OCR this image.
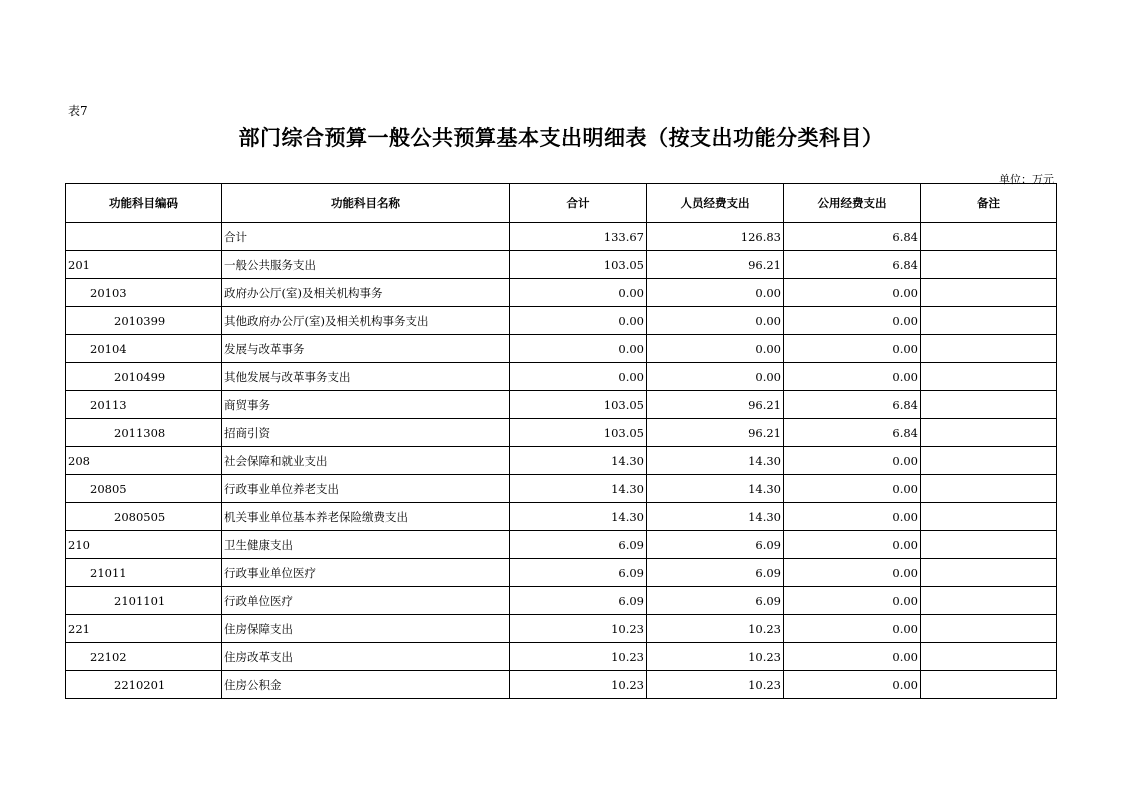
表7
部门综合预算一般公共预算基本支出明细表（按支出功能分类科目）
单位：万元
功能科目编码	功能科目名称	合计	人员经费支出	公用经费支出	备注
	合计	133.67	126.83	6.84	
201	一般公共服务支出	103.05	96.21	6.84	
20103	政府办公厅(室)及相关机构事务	0.00	0.00	0.00	
2010399	其他政府办公厅(室)及相关机构事务支出	0.00	0.00	0.00	
20104	发展与改革事务	0.00	0.00	0.00	
2010499	其他发展与改革事务支出	0.00	0.00	0.00	
20113	商贸事务	103.05	96.21	6.84	
2011308	招商引资	103.05	96.21	6.84	
208	社会保障和就业支出	14.30	14.30	0.00	
20805	行政事业单位养老支出	14.30	14.30	0.00	
2080505	机关事业单位基本养老保险缴费支出	14.30	14.30	0.00	
210	卫生健康支出	6.09	6.09	0.00	
21011	行政事业单位医疗	6.09	6.09	0.00	
2101101	行政单位医疗	6.09	6.09	0.00	
221	住房保障支出	10.23	10.23	0.00	
22102	住房改革支出	10.23	10.23	0.00	
2210201	住房公积金	10.23	10.23	0.00	
